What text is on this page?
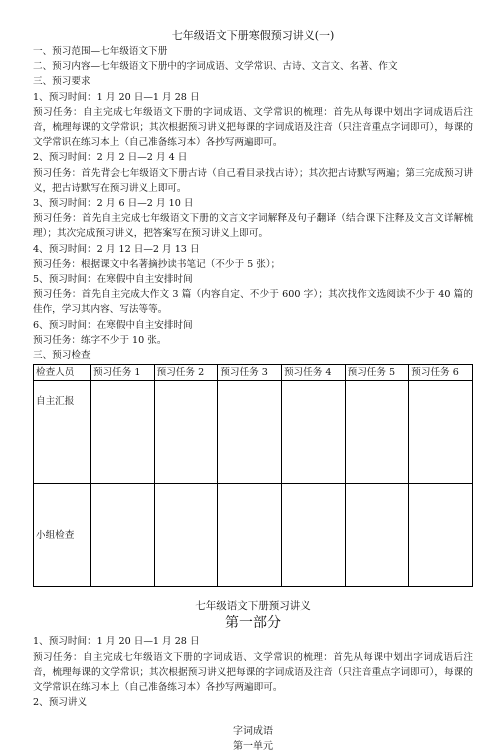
七年级语文下册寒假预习讲义(一)
一、预习范围—七年级语文下册
二、预习内容—七年级语文下册中的字词成语、文学常识、古诗、文言文、名著、作文
三、预习要求
1、预习时间：1 月 20 日—1 月 28 日
预习任务：自主完成七年级语文下册的字词成语、文学常识的梳理：首先从每课中划出字词成语后注音，梳理每课的文学常识；其次根据预习讲义把每课的字词成语及注音（只注音重点字词即可），每课的文学常识在练习本上（自己准备练习本）各抄写两遍即可。
2、预习时间：2 月 2 日—2 月 4 日
预习任务：首先背会七年级语文下册古诗（自己看目录找古诗）；其次把古诗默写两遍；第三完成预习讲义，把古诗默写在预习讲义上即可。
3、预习时间：2 月 6 日—2 月 10 日
预习任务：首先自主完成七年级语文下册的文言文字词解释及句子翻译（结合课下注释及文言文详解梳理）；其次完成预习讲义，把答案写在预习讲义上即可。
4、预习时间：2 月 12 日—2 月 13 日
预习任务：根据课文中名著摘抄读书笔记（不少于 5 张）；
5、预习时间：在寒假中自主安排时间
预习任务：首先自主完成大作文 3 篇（内容自定、不少于 600 字）；其次找作文选阅读不少于 40 篇的佳作，学习其内容、写法等等。
6、预习时间：在寒假中自主安排时间
预习任务：练字不少于 10 张。
三、预习检查
检查人员	预习任务 1	预习任务 2	预习任务 3	预习任务 4	预习任务 5	预习任务 6

自主汇报						

小组检查						

七年级语文下册预习讲义
第一部分
1、预习时间：1 月 20 日—1 月 28 日
预习任务：自主完成七年级语文下册的字词成语、文学常识的梳理：首先从每课中划出字词成语后注音，梳理每课的文学常识；其次根据预习讲义把每课的字词成语及注音（只注音重点字词即可），每课的文学常识在练习本上（自己准备练习本）各抄写两遍即可。
2、预习讲义
字词成语
第一单元
